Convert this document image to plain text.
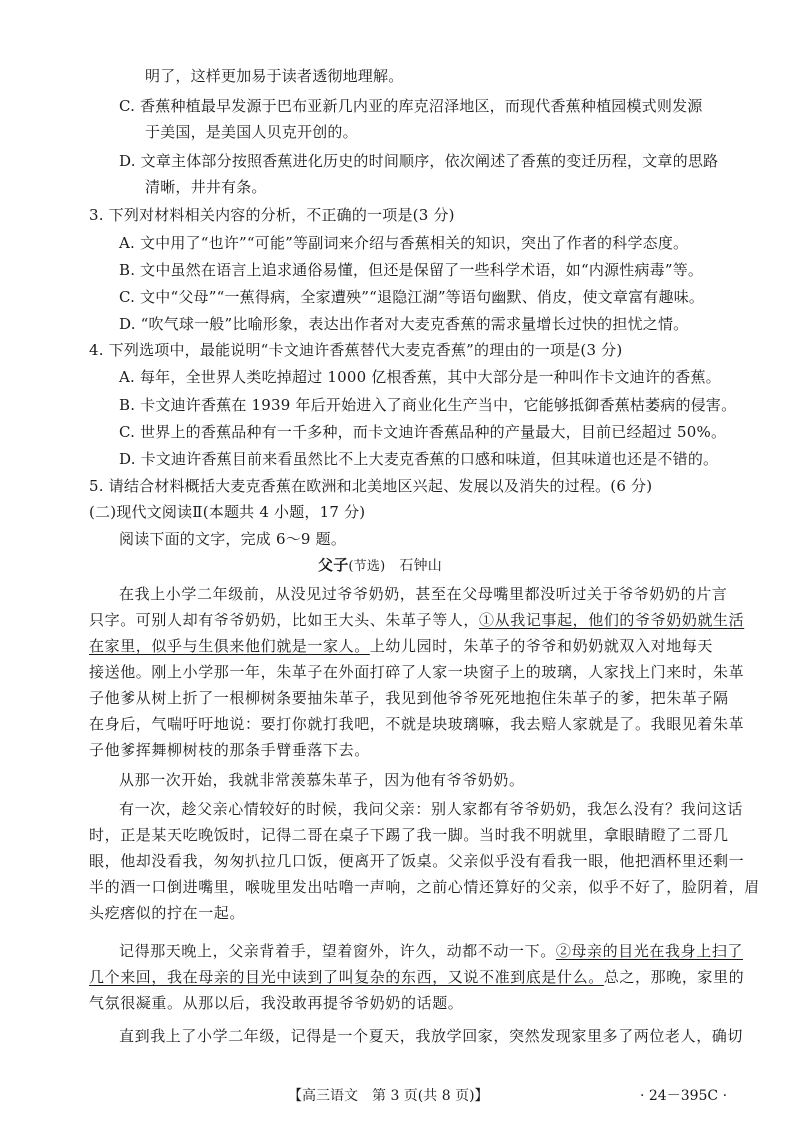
明了，这样更加易于读者透彻地理解。
C. 香蕉种植最早发源于巴布亚新几内亚的库克沼泽地区，而现代香蕉种植园模式则发源
于美国，是美国人贝克开创的。
D. 文章主体部分按照香蕉进化历史的时间顺序，依次阐述了香蕉的变迁历程，文章的思路
清晰，井井有条。
3. 下列对材料相关内容的分析，不正确的一项是(3 分)
A. 文中用了“也许”“可能”等副词来介绍与香蕉相关的知识，突出了作者的科学态度。
B. 文中虽然在语言上追求通俗易懂，但还是保留了一些科学术语，如“内源性病毒”等。
C. 文中“父母”“一蕉得病，全家遭殃”“退隐江湖”等语句幽默、俏皮，使文章富有趣味。
D. “吹气球一般”比喻形象，表达出作者对大麦克香蕉的需求量增长过快的担忧之情。
4. 下列选项中，最能说明“卡文迪许香蕉替代大麦克香蕉”的理由的一项是(3 分)
A. 每年，全世界人类吃掉超过 1000 亿根香蕉，其中大部分是一种叫作卡文迪许的香蕉。
B. 卡文迪许香蕉在 1939 年后开始进入了商业化生产当中，它能够抵御香蕉枯萎病的侵害。
C. 世界上的香蕉品种有一千多种，而卡文迪许香蕉品种的产量最大，目前已经超过 50%。
D. 卡文迪许香蕉目前来看虽然比不上大麦克香蕉的口感和味道，但其味道也还是不错的。
5. 请结合材料概括大麦克香蕉在欧洲和北美地区兴起、发展以及消失的过程。(6 分)
(二)现代文阅读Ⅱ(本题共 4 小题，17 分)
阅读下面的文字，完成 6～9 题。
父子(节选) 石钟山
在我上小学二年级前，从没见过爷爷奶奶，甚至在父母嘴里都没听过关于爷爷奶奶的片言
只字。可别人却有爷爷奶奶，比如王大头、朱革子等人，①从我记事起，他们的爷爷奶奶就生活
在家里，似乎与生俱来他们就是一家人。上幼儿园时，朱革子的爷爷和奶奶就双入对地每天
接送他。刚上小学那一年，朱革子在外面打碎了人家一块窗子上的玻璃，人家找上门来时，朱革
子他爹从树上折了一根柳树条要抽朱革子，我见到他爷爷死死地抱住朱革子的爹，把朱革子隔
在身后，气喘吁吁地说：要打你就打我吧，不就是块玻璃嘛，我去赔人家就是了。我眼见着朱革
子他爹挥舞柳树枝的那条手臂垂落下去。
从那一次开始，我就非常羡慕朱革子，因为他有爷爷奶奶。
有一次，趁父亲心情较好的时候，我问父亲：别人家都有爷爷奶奶，我怎么没有？我问这话
时，正是某天吃晚饭时，记得二哥在桌子下踢了我一脚。当时我不明就里，拿眼睛瞪了二哥几
眼，他却没看我，匆匆扒拉几口饭，便离开了饭桌。父亲似乎没有看我一眼，他把酒杯里还剩一
半的酒一口倒进嘴里，喉咙里发出咕噜一声响，之前心情还算好的父亲，似乎不好了，脸阴着，眉
头疙瘩似的拧在一起。
记得那天晚上，父亲背着手，望着窗外，许久，动都不动一下。②母亲的目光在我身上扫了
几个来回，我在母亲的目光中读到了叫复杂的东西，又说不准到底是什么。总之，那晚，家里的
气氛很凝重。从那以后，我没敢再提爷爷奶奶的话题。
直到我上了小学二年级，记得是一个夏天，我放学回家，突然发现家里多了两位老人，确切
【高三语文　第 3 页(共 8 页)】	· 24－395C ·
